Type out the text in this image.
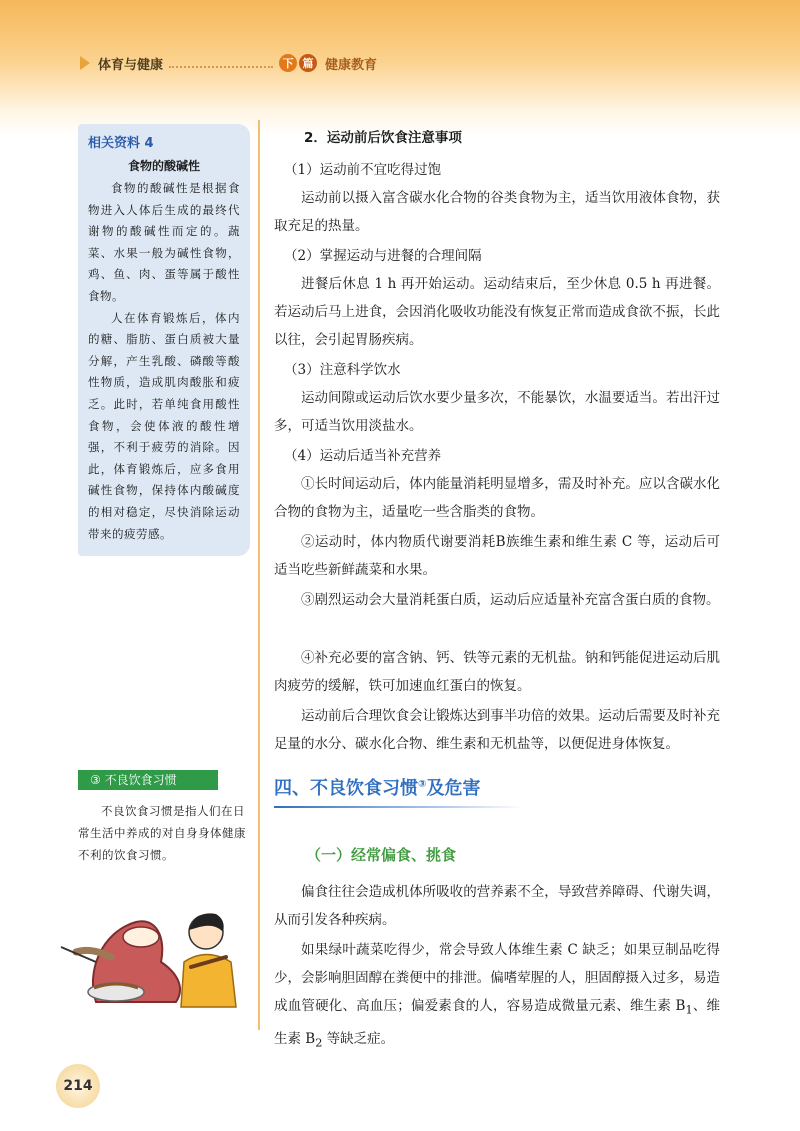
体育与健康	下 篇 健康教育

相关资料 4

食物的酸碱性

食物的酸碱性是根据食物进入人体后生成的最终代谢物的酸碱性而定的。蔬菜、水果一般为碱性食物，鸡、鱼、肉、蛋等属于酸性食物。

人在体育锻炼后，体内的糖、脂肪、蛋白质被大量分解，产生乳酸、磷酸等酸性物质，造成肌肉酸胀和疲乏。此时，若单纯食用酸性食物，会使体液的酸性增强，不利于疲劳的消除。因此，体育锻炼后，应多食用碱性食物，保持体内酸碱度的相对稳定，尽快消除运动带来的疲劳感。

③ 不良饮食习惯

不良饮食习惯是指人们在日常生活中养成的对自身身体健康不利的饮食习惯。

2．运动前后饮食注意事项

（1）运动前不宜吃得过饱

运动前以摄入富含碳水化合物的谷类食物为主，适当饮用液体食物，获取充足的热量。

（2）掌握运动与进餐的合理间隔

进餐后休息 1 h 再开始运动。运动结束后，至少休息 0.5 h 再进餐。若运动后马上进食，会因消化吸收功能没有恢复正常而造成食欲不振，长此以往，会引起胃肠疾病。

（3）注意科学饮水

运动间隙或运动后饮水要少量多次，不能暴饮，水温要适当。若出汗过多，可适当饮用淡盐水。

（4）运动后适当补充营养

①长时间运动后，体内能量消耗明显增多，需及时补充。应以含碳水化合物的食物为主，适量吃一些含脂类的食物。

②运动时，体内物质代谢要消耗B族维生素和维生素 C 等，运动后可适当吃些新鲜蔬菜和水果。

③剧烈运动会大量消耗蛋白质，运动后应适量补充富含蛋白质的食物。

④补充必要的富含钠、钙、铁等元素的无机盐。钠和钙能促进运动后肌肉疲劳的缓解，铁可加速血红蛋白的恢复。

运动前后合理饮食会让锻炼达到事半功倍的效果。运动后需要及时补充足量的水分、碳水化合物、维生素和无机盐等，以便促进身体恢复。

四、不良饮食习惯③及危害
（一）经常偏食、挑食

偏食往往会造成机体所吸收的营养素不全，导致营养障碍、代谢失调，从而引发各种疾病。

如果绿叶蔬菜吃得少，常会导致人体维生素 C 缺乏；如果豆制品吃得少，会影响胆固醇在粪便中的排泄。偏嗜荤腥的人，胆固醇摄入过多，易造成血管硬化、高血压；偏爱素食的人，容易造成微量元素、维生素 $B_1$、维生素 $B_2$ 等缺乏症。

214
